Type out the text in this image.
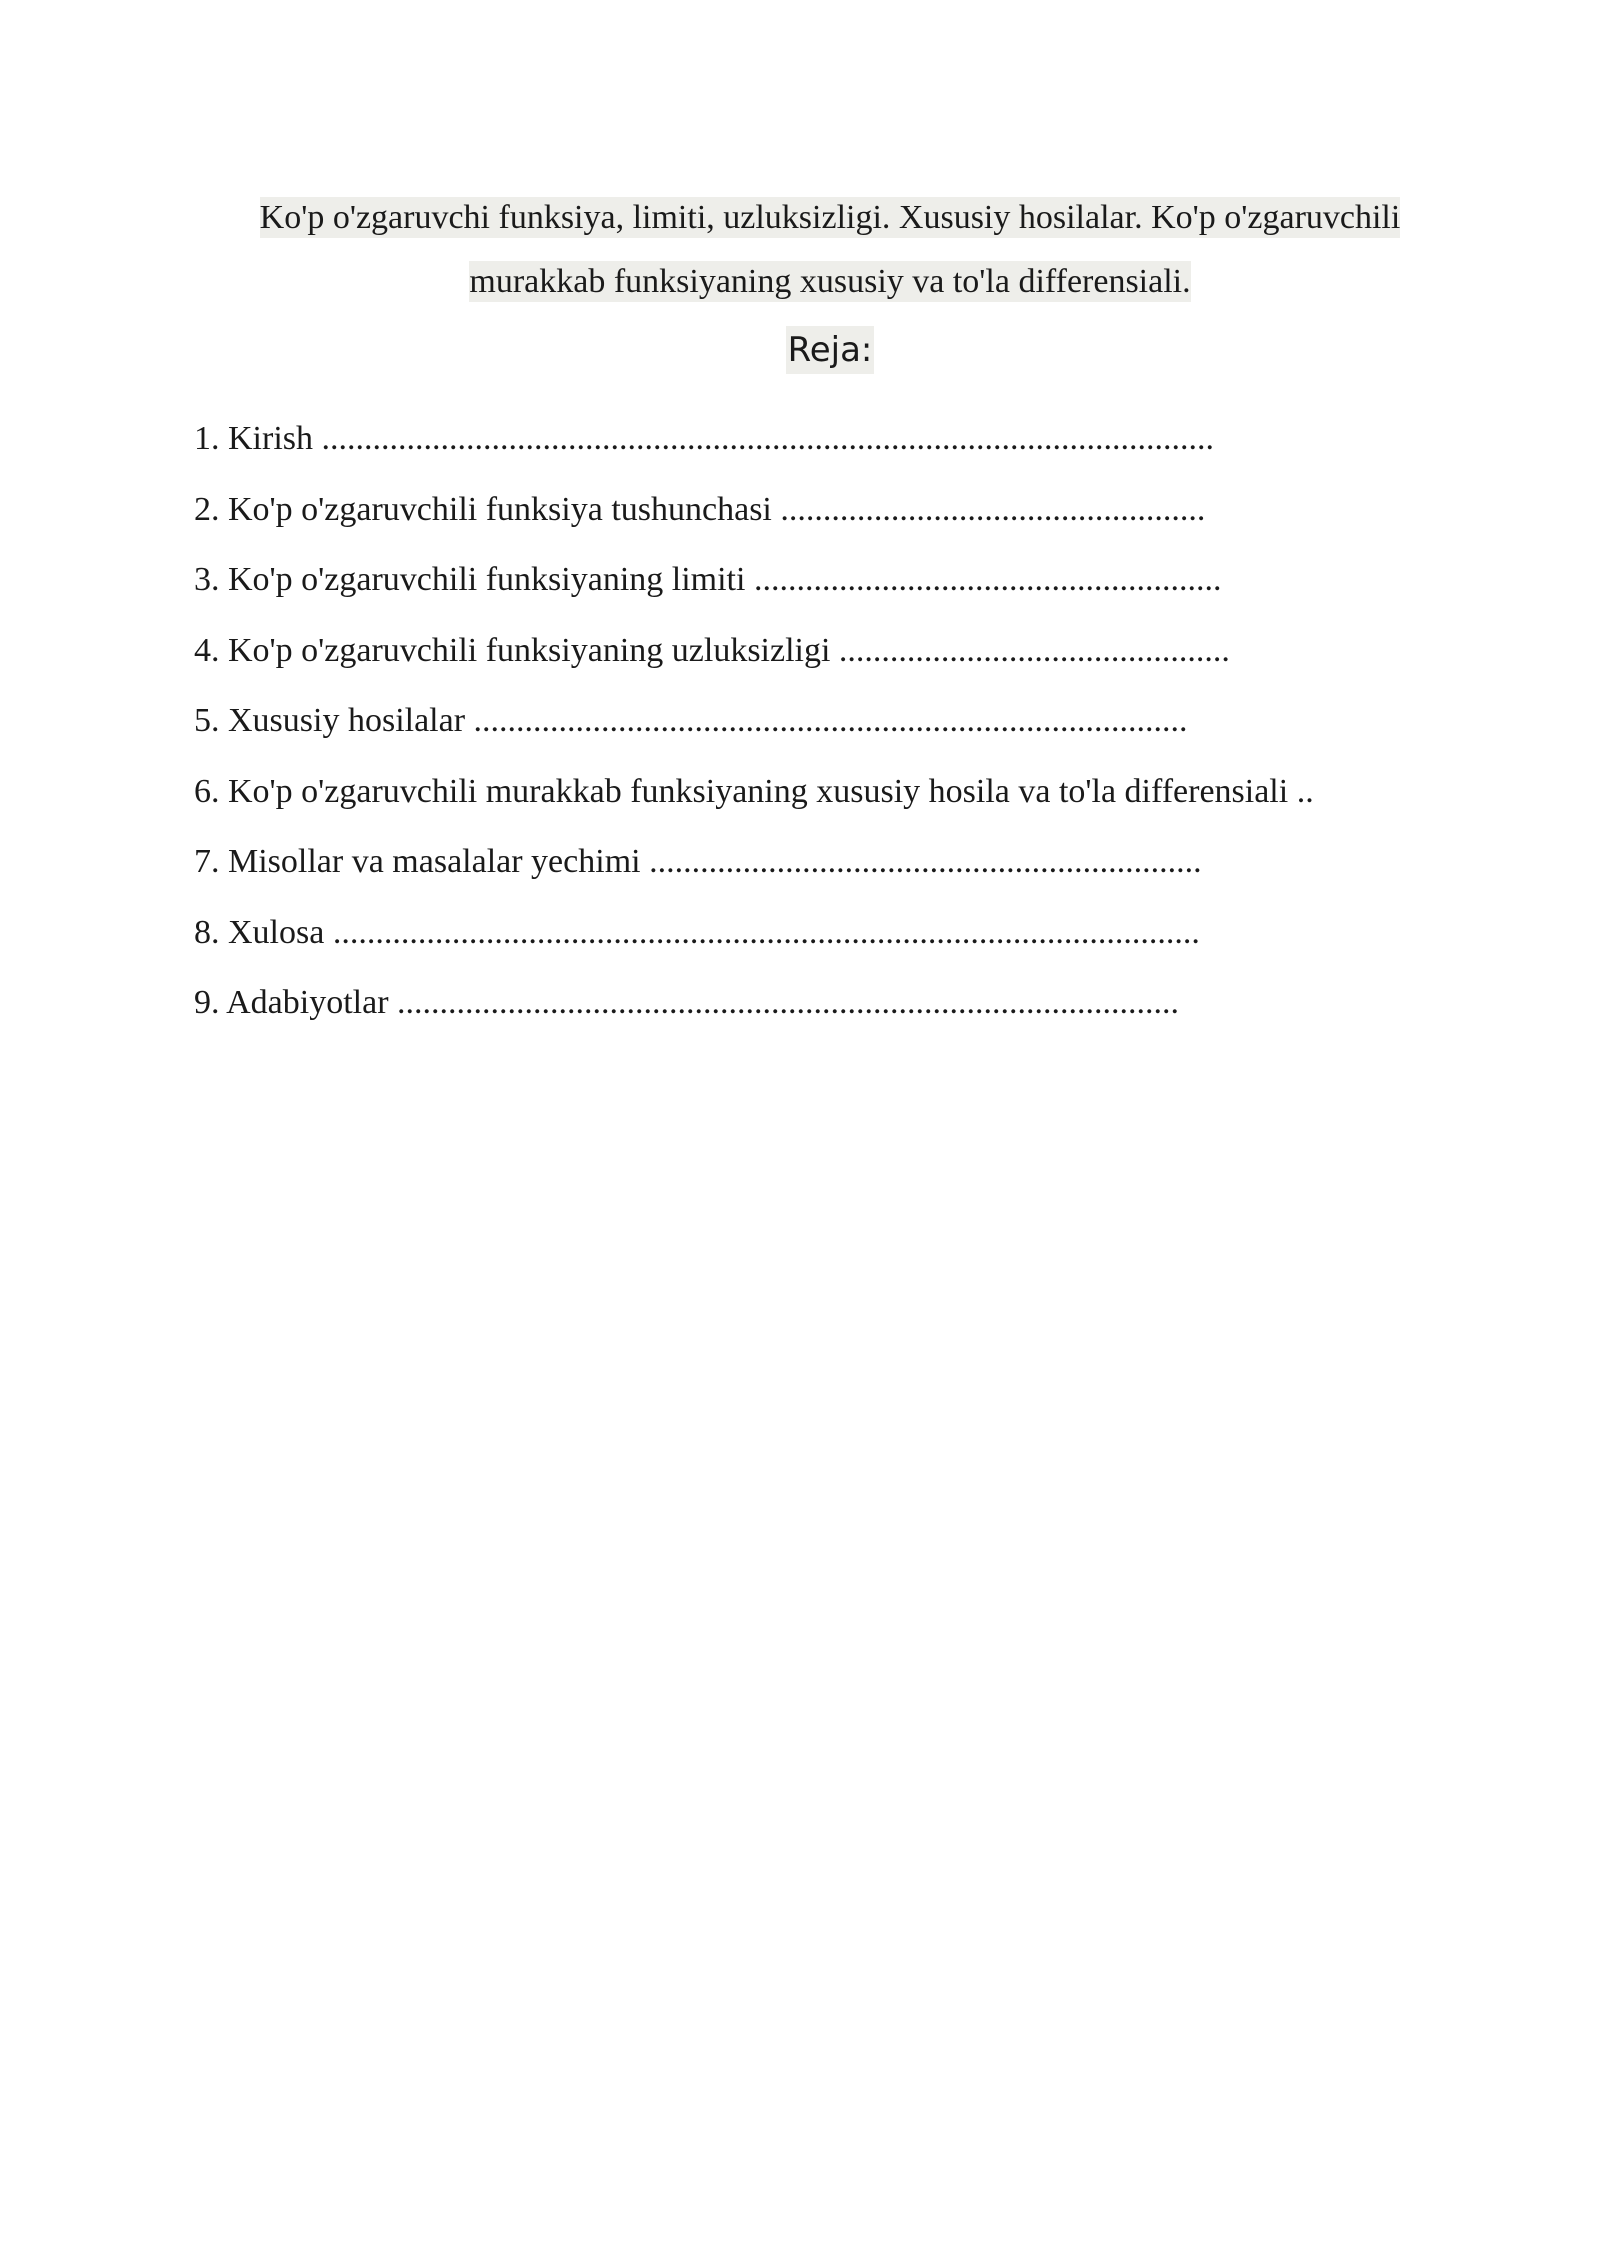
Ko'p o'zgaruvchi funksiya, limiti, uzluksizligi. Xususiy hosilalar. Ko'p o'zgaruvchili
murakkab funksiyaning xususiy va to'la differensiali.
Reja:
1. Kirish .........................................................................................................
2. Ko'p o'zgaruvchili funksiya tushunchasi ..................................................
3. Ko'p o'zgaruvchili funksiyaning limiti .......................................................
4. Ko'p o'zgaruvchili funksiyaning uzluksizligi ..............................................
5. Xususiy hosilalar ....................................................................................
6. Ko'p o'zgaruvchili murakkab funksiyaning xususiy hosila va to'la differensiali ..
7. Misollar va masalalar yechimi .................................................................
8. Xulosa ......................................................................................................
9. Adabiyotlar ............................................................................................
